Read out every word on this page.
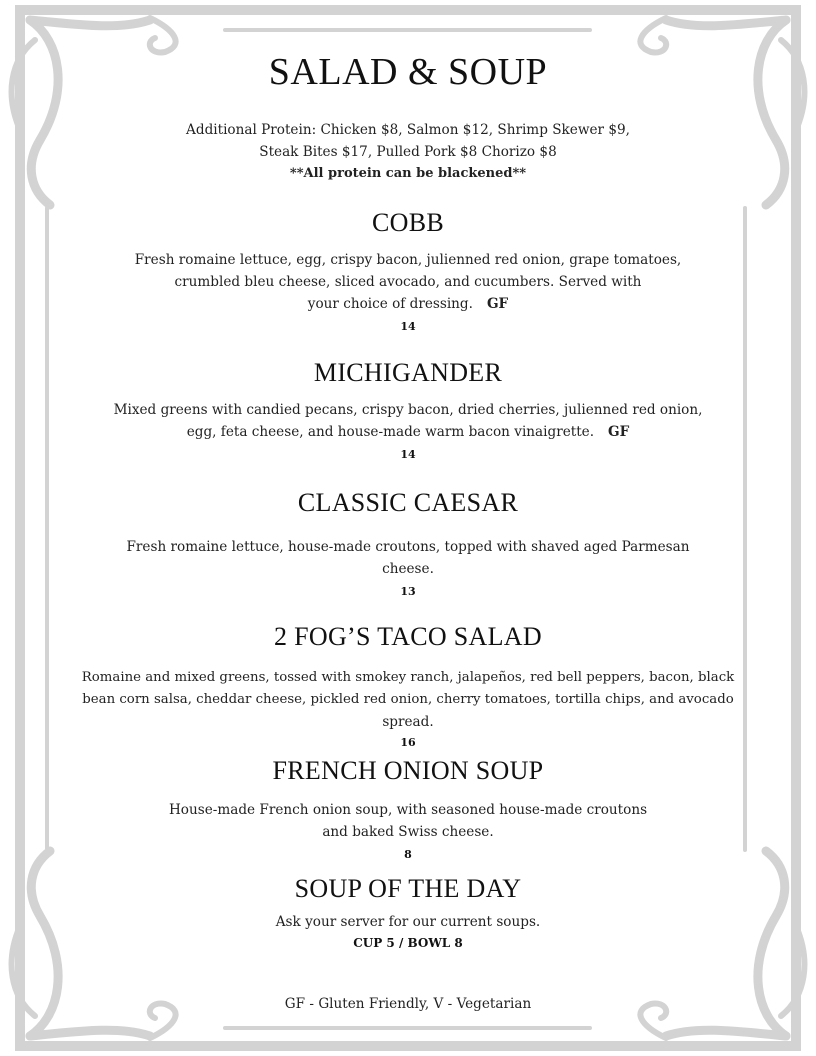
SALAD & SOUP
Additional Protein: Chicken $8, Salmon $12, Shrimp Skewer $9,
Steak Bites $17, Pulled Pork $8 Chorizo $8
**All protein can be blackened**
COBB
Fresh romaine lettuce, egg, crispy bacon, julienned red onion, grape tomatoes,
crumbled bleu cheese, sliced avocado, and cucumbers. Served with
your choice of dressing. GF
14
MICHIGANDER
Mixed greens with candied pecans, crispy bacon, dried cherries, julienned red onion,
egg, feta cheese, and house-made warm bacon vinaigrette. GF
14
CLASSIC CAESAR
Fresh romaine lettuce, house-made croutons, topped with shaved aged Parmesan
cheese.
13
2 FOG’S TACO SALAD
Romaine and mixed greens, tossed with smokey ranch, jalapeños, red bell peppers, bacon, black
bean corn salsa, cheddar cheese, pickled red onion, cherry tomatoes, tortilla chips, and avocado
spread.
16
FRENCH ONION SOUP
House-made French onion soup, with seasoned house-made croutons
and baked Swiss cheese.
8
SOUP OF THE DAY
Ask your server for our current soups.
CUP 5 / BOWL 8
GF - Gluten Friendly, V - Vegetarian
